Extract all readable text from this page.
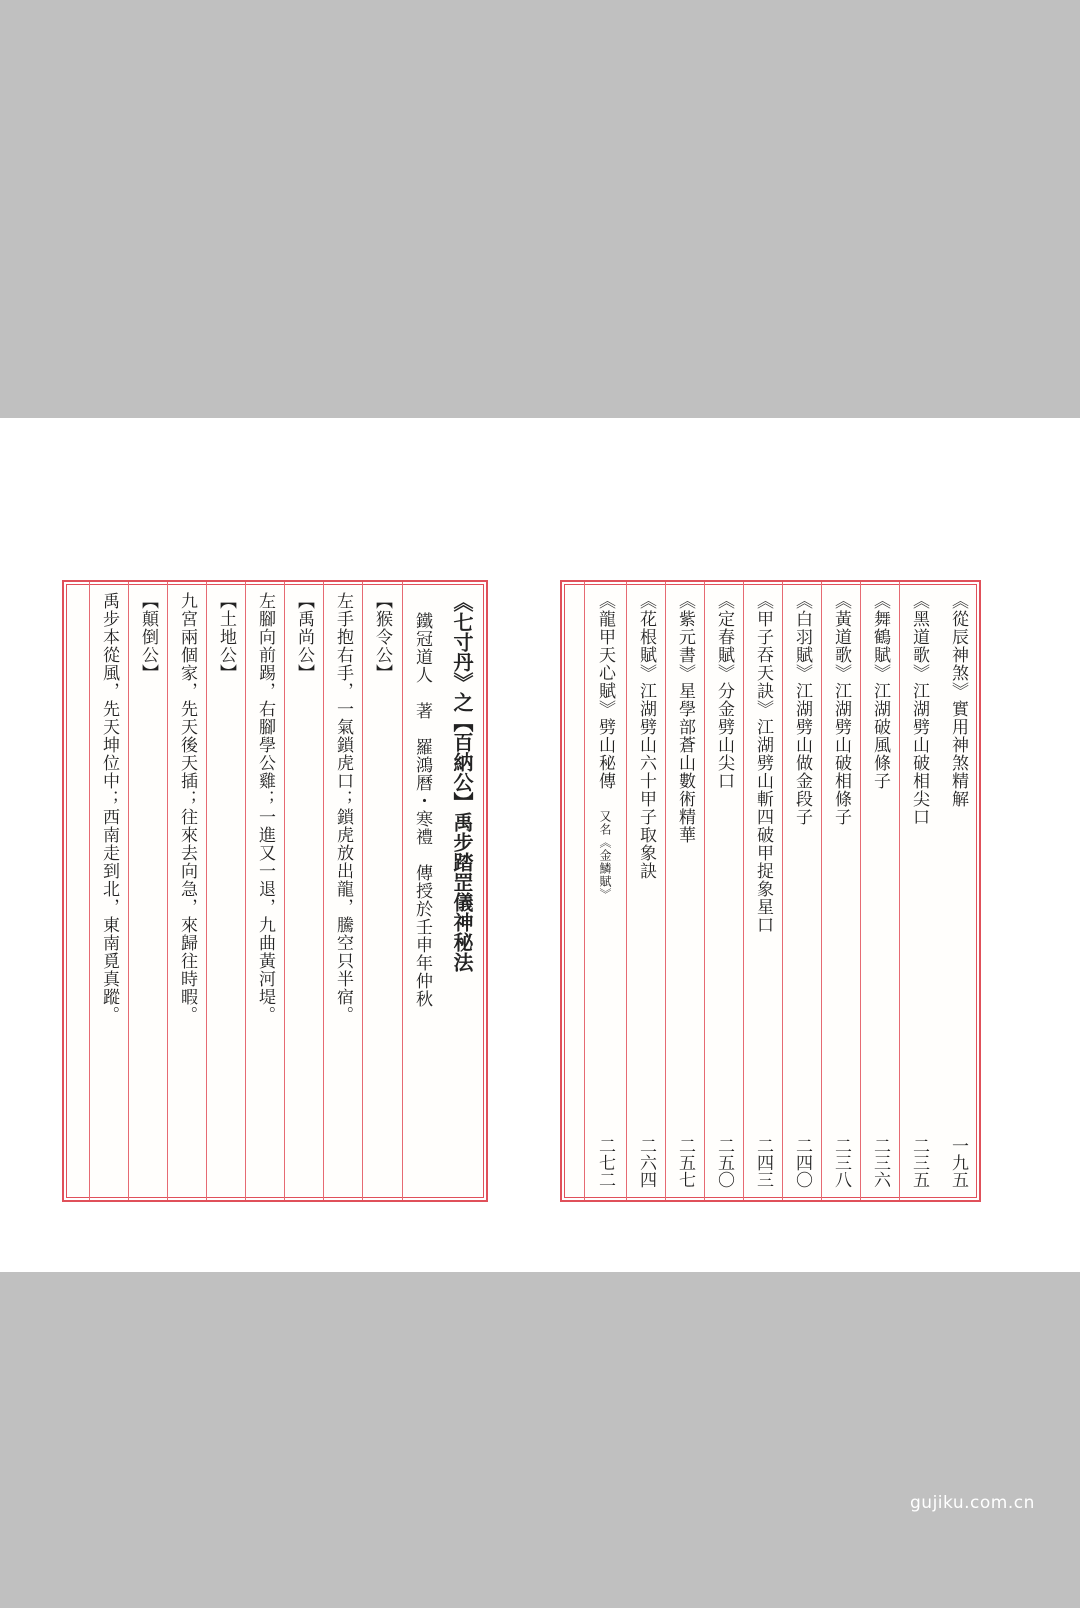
《七寸丹》之【百納公】禹步踏罡儀神秘法
鐵冠道人　著　羅鴻曆・寒禮　傳授於壬申年仲秋
【猴令公】
左手抱右手，一氣鎖虎口；鎖虎放出龍，騰空只半宿。
【禹尚公】
左腳向前踢，右腳學公雞；一進又一退，九曲黃河堤。
【土地公】
九宮兩個家，先天後天插；往來去向急，來歸往時暇。
【顛倒公】
禹步本從風，先天坤位中；西南走到北，東南覓真蹤。	《從辰神煞》實用神煞精解
一九五
《黑道歌》江湖劈山破相尖口
二三五
《舞鶴賦》江湖破風條子
二三六
《黃道歌》江湖劈山破相條子
二三八
《白羽賦》江湖劈山做金段子
二四〇
《甲子吞天訣》江湖劈山斬四破甲捉象星口
二四三
《定春賦》分金劈山尖口
二五〇
《紫元書》星學部蒼山數術精華
二五七
《花根賦》江湖劈山六十甲子取象訣
二六四
《龍甲天心賦》劈山秘傳
又名《金鱗賦》
二七二
gujiku.com.cn
